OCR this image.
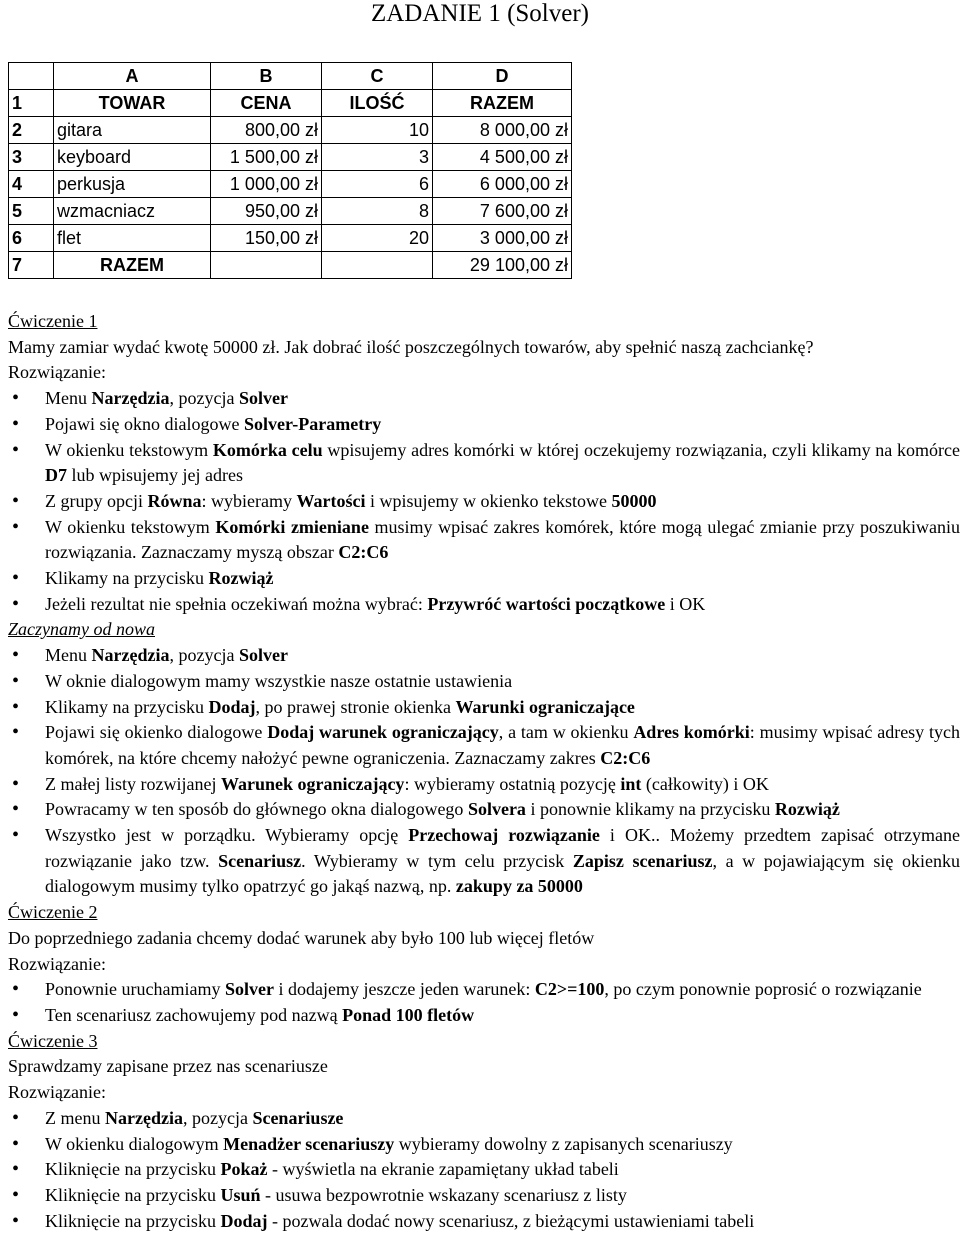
ZADANIE 1 (Solver)
	A	B	C	D
1	TOWAR	CENA	ILOŚĆ	RAZEM
2	gitara	800,00 zł	10	8 000,00 zł
3	keyboard	1 500,00 zł	3	4 500,00 zł
4	perkusja	1 000,00 zł	6	6 000,00 zł
5	wzmacniacz	950,00 zł	8	7 600,00 zł
6	flet	150,00 zł	20	3 000,00 zł
7	RAZEM			29 100,00 zł

Ćwiczenie 1

Mamy zamiar wydać kwotę 50000 zł. Jak dobrać ilość poszczególnych towarów, aby spełnić naszą zachciankę?

Rozwiązanie:

• Menu Narzędzia, pozycja Solver
• Pojawi się okno dialogowe Solver-Parametry
• W okienku tekstowym Komórka celu wpisujemy adres komórki w której oczekujemy rozwiązania, czyli klikamy na komórce D7 lub wpisujemy jej adres
• Z grupy opcji Równa: wybieramy Wartości i wpisujemy w okienko tekstowe 50000
• W okienku tekstowym Komórki zmieniane musimy wpisać zakres komórek, które mogą ulegać zmianie przy poszukiwaniu rozwiązania. Zaznaczamy myszą obszar C2:C6
• Klikamy na przycisku Rozwiąż
• Jeżeli rezultat nie spełnia oczekiwań można wybrać: Przywróć wartości początkowe i OK

Zaczynamy od nowa

• Menu Narzędzia, pozycja Solver
• W oknie dialogowym mamy wszystkie nasze ostatnie ustawienia
• Klikamy na przycisku Dodaj, po prawej stronie okienka Warunki ograniczające
• Pojawi się okienko dialogowe Dodaj warunek ograniczający, a tam w okienku Adres komórki: musimy wpisać adresy tych komórek, na które chcemy nałożyć pewne ograniczenia. Zaznaczamy zakres C2:C6
• Z małej listy rozwijanej Warunek ograniczający: wybieramy ostatnią pozycję int (całkowity) i OK
• Powracamy w ten sposób do głównego okna dialogowego Solvera i ponownie klikamy na przycisku Rozwiąż
• Wszystko jest w porządku. Wybieramy opcję Przechowaj rozwiązanie i OK.. Możemy przedtem zapisać otrzymane rozwiązanie jako tzw. Scenariusz. Wybieramy w tym celu przycisk Zapisz scenariusz, a w pojawiającym się okienku dialogowym musimy tylko opatrzyć go jakąś nazwą, np. zakupy za 50000

Ćwiczenie 2

Do poprzedniego zadania chcemy dodać warunek aby było 100 lub więcej fletów

Rozwiązanie:

• Ponownie uruchamiamy Solver i dodajemy jeszcze jeden warunek: C2>=100, po czym ponownie poprosić o rozwiązanie
• Ten scenariusz zachowujemy pod nazwą Ponad 100 fletów

Ćwiczenie 3

Sprawdzamy zapisane przez nas scenariusze

Rozwiązanie:

• Z menu Narzędzia, pozycja Scenariusze
• W okienku dialogowym Menadżer scenariuszy wybieramy dowolny z zapisanych scenariuszy
• Kliknięcie na przycisku Pokaż - wyświetla na ekranie zapamiętany układ tabeli
• Kliknięcie na przycisku Usuń - usuwa bezpowrotnie wskazany scenariusz z listy
• Kliknięcie na przycisku Dodaj - pozwala dodać nowy scenariusz, z bieżącymi ustawieniami tabeli
